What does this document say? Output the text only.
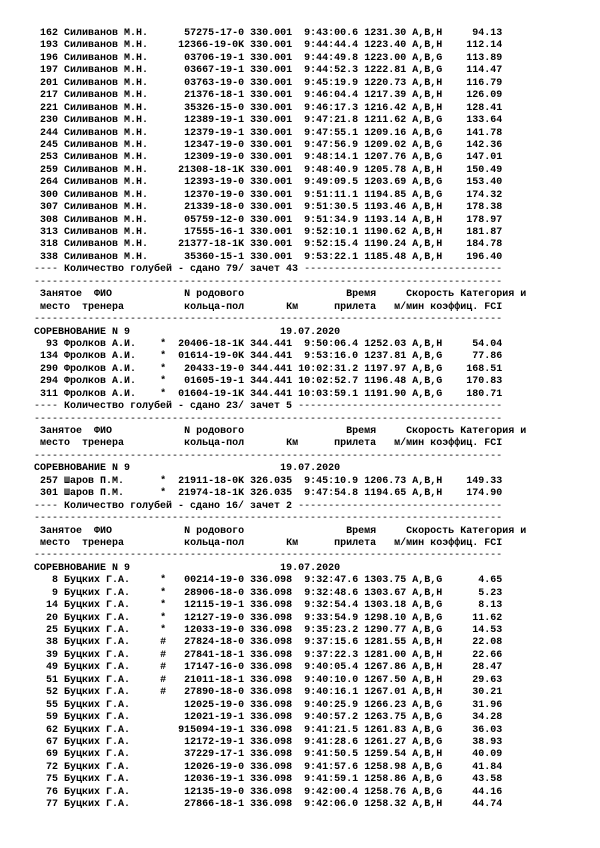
162 Силиванов М.Н.	57275-17-0 330.001 9:43:00.6 1231.30 A,B,H	94.13
193 Силиванов М.Н.	12366-19-0K 330.001 9:44:44.4 1223.40 A,B,H 112.14
196 Силиванов М.Н.	03706-19-1 330.001 9:44:49.8 1223.00 A,B,G 113.89
197 Силиванов М.Н.	03667-19-1 330.001 9:44:52.3 1222.81 A,B,G 114.47
201 Силиванов М.Н.	03763-19-0 330.001 9:45:19.9 1220.73 A,B,H 116.79
217 Силиванов М.Н.	21376-18-1 330.001 9:46:04.4 1217.39 A,B,H 126.09
221 Силиванов М.Н.	35326-15-0 330.001 9:46:17.3 1216.42 A,B,H 128.41
230 Силиванов М.Н.	12389-19-1 330.001 9:47:21.8 1211.62 A,B,G 133.64
244 Силиванов М.Н.	12379-19-1 330.001 9:47:55.1 1209.16 A,B,G 141.78
245 Силиванов М.Н.	12347-19-0 330.001 9:47:56.9 1209.02 A,B,G 142.36
253 Силиванов М.Н.	12309-19-0 330.001 9:48:14.1 1207.76 A,B,G 147.01
259 Силиванов М.Н.	21308-18-1K 330.001 9:48:40.9 1205.78 A,B,H 150.49
264 Силиванов М.Н.	12393-19-0 330.001 9:49:09.5 1203.69 A,B,G 153.40
300 Силиванов М.Н.	12370-19-0 330.001 9:51:11.1 1194.85 A,B,G 174.32
307 Силиванов М.Н.	21339-18-0 330.001 9:51:30.5 1193.46 A,B,H 178.38
308 Силиванов М.Н.	05759-12-0 330.001 9:51:34.9 1193.14 A,B,H 178.97
313 Силиванов М.Н.	17555-16-1 330.001 9:52:10.1 1190.62 A,B,H 181.87
318 Силиванов М.Н.	21377-18-1K 330.001 9:52:15.4 1190.24 A,B,H 184.78
338 Силиванов М.Н.	35360-15-1 330.001 9:53:22.1 1185.48 A,B,H 196.40
---- Количество голубей - сдано 79/ зачет 43 ---------------------------------
------------------------------------------------------------------------------
Занятое ФИО	N родового	Время	Скорость Категория и
место тренера	кольца-пол	Км	прилета м/мин коэффиц. FCI
------------------------------------------------------------------------------
СОРЕВНОВАНИЕ N 9	19.07.2020
93 Фролков А.И. * 20406-18-1K 344.441 9:50:06.4 1252.03 A,B,H	54.04
134 Фролков А.И. * 01614-19-0K 344.441 9:53:16.0 1237.81 A,B,G	77.86
290 Фролков А.И. * 20433-19-0 344.441 10:02:31.2 1197.97 A,B,G 168.51
294 Фролков А.И. * 01605-19-1 344.441 10:02:52.7 1196.48 A,B,G 170.83
311 Фролков А.И. * 01604-19-1K 344.441 10:03:59.1 1191.90 A,B,G 180.71
---- Количество голубей - сдано 23/ зачет 5 ----------------------------------
------------------------------------------------------------------------------
Занятое ФИО	N родового	Время	Скорость Категория и
место тренера	кольца-пол	Км	прилета м/мин коэффиц. FCI
------------------------------------------------------------------------------
СОРЕВНОВАНИЕ N 9	19.07.2020
257 Шаров П.М.	* 21911-18-0K 326.035 9:45:10.9 1206.73 A,B,H 149.33
301 Шаров П.М.	* 21974-18-1K 326.035 9:47:54.8 1194.65 A,B,H 174.90
---- Количество голубей - сдано 16/ зачет 2 ----------------------------------
------------------------------------------------------------------------------
Занятое ФИО	N родового	Время	Скорость Категория и
место тренера	кольца-пол	Км	прилета м/мин коэффиц. FCI
------------------------------------------------------------------------------
СОРЕВНОВАНИЕ N 9	19.07.2020
8 Буцких Г.А.	* 00214-19-0 336.098 9:32:47.6 1303.75 A,B,G	4.65
9 Буцких Г.А.	* 28906-18-0 336.098 9:32:48.6 1303.67 A,B,H	5.23
14 Буцких Г.А.	* 12115-19-1 336.098 9:32:54.4 1303.18 A,B,G	8.13
20 Буцких Г.А.	* 12127-19-0 336.098 9:33:54.9 1298.10 A,B,G	11.62
25 Буцких Г.А.	* 12033-19-0 336.098 9:35:23.2 1290.77 A,B,G	14.53
38 Буцких Г.А.	# 27824-18-0 336.098 9:37:15.6 1281.55 A,B,H	22.08
39 Буцких Г.А.	# 27841-18-1 336.098 9:37:22.3 1281.00 A,B,H	22.66
49 Буцких Г.А.	# 17147-16-0 336.098 9:40:05.4 1267.86 A,B,H	28.47
51 Буцких Г.А.	# 21011-18-1 336.098 9:40:10.0 1267.50 A,B,H	29.63
52 Буцких Г.А.	# 27890-18-0 336.098 9:40:16.1 1267.01 A,B,H	30.21
55 Буцких Г.А.	12025-19-0 336.098 9:40:25.9 1266.23 A,B,G	31.96
59 Буцких Г.А.	12021-19-1 336.098 9:40:57.2 1263.75 A,B,G	34.28
62 Буцких Г.А.	915094-19-1 336.098 9:41:21.5 1261.83 A,B,G	36.03
67 Буцких Г.А.	12172-19-1 336.098 9:41:28.6 1261.27 A,B,G	38.93
69 Буцких Г.А.	37229-17-1 336.098 9:41:50.5 1259.54 A,B,H	40.09
72 Буцких Г.А.	12026-19-0 336.098 9:41:57.6 1258.98 A,B,G	41.84
75 Буцких Г.А.	12036-19-1 336.098 9:41:59.1 1258.86 A,B,G	43.58
76 Буцких Г.А.	12135-19-0 336.098 9:42:00.4 1258.76 A,B,G	44.16
77 Буцких Г.А.	27866-18-1 336.098 9:42:06.0 1258.32 A,B,H	44.74
